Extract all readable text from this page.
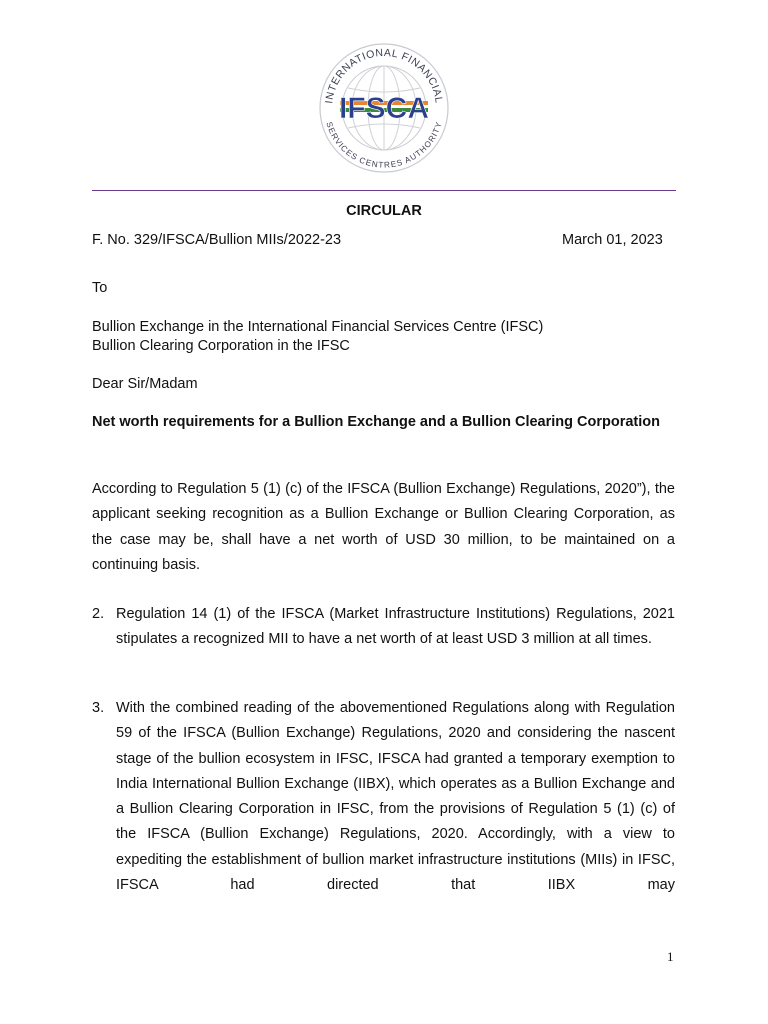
INTERNATIONAL FINANCIAL
SERVICES CENTRES AUTHORITY
IFSCA
CIRCULAR
F. No. 329/IFSCA/Bullion MIIs/2022-23	March 01, 2023
To
Bullion Exchange in the International Financial Services Centre (IFSC)
Bullion Clearing Corporation in the IFSC
Dear Sir/Madam
Net worth requirements for a Bullion Exchange and a Bullion Clearing Corporation
According to Regulation 5 (1) (c) of the IFSCA (Bullion Exchange) Regulations, 2020”), the applicant seeking recognition as a Bullion Exchange or Bullion Clearing Corporation, as the case may be, shall have a net worth of USD 30 million, to be maintained on a continuing basis.
2. Regulation 14 (1) of the IFSCA (Market Infrastructure Institutions) Regulations, 2021 stipulates a recognized MII to have a net worth of at least USD 3 million at all times.
3. With the combined reading of the abovementioned Regulations along with Regulation 59 of the IFSCA (Bullion Exchange) Regulations, 2020 and considering the nascent stage of the bullion ecosystem in IFSC, IFSCA had granted a temporary exemption to India International Bullion Exchange (IIBX), which operates as a Bullion Exchange and a Bullion Clearing Corporation in IFSC, from the provisions of Regulation 5 (1) (c) of the IFSCA (Bullion Exchange) Regulations, 2020. Accordingly, with a view to expediting the establishment of bullion market infrastructure institutions (MIIs) in IFSC, IFSCA had directed that IIBX may
1
